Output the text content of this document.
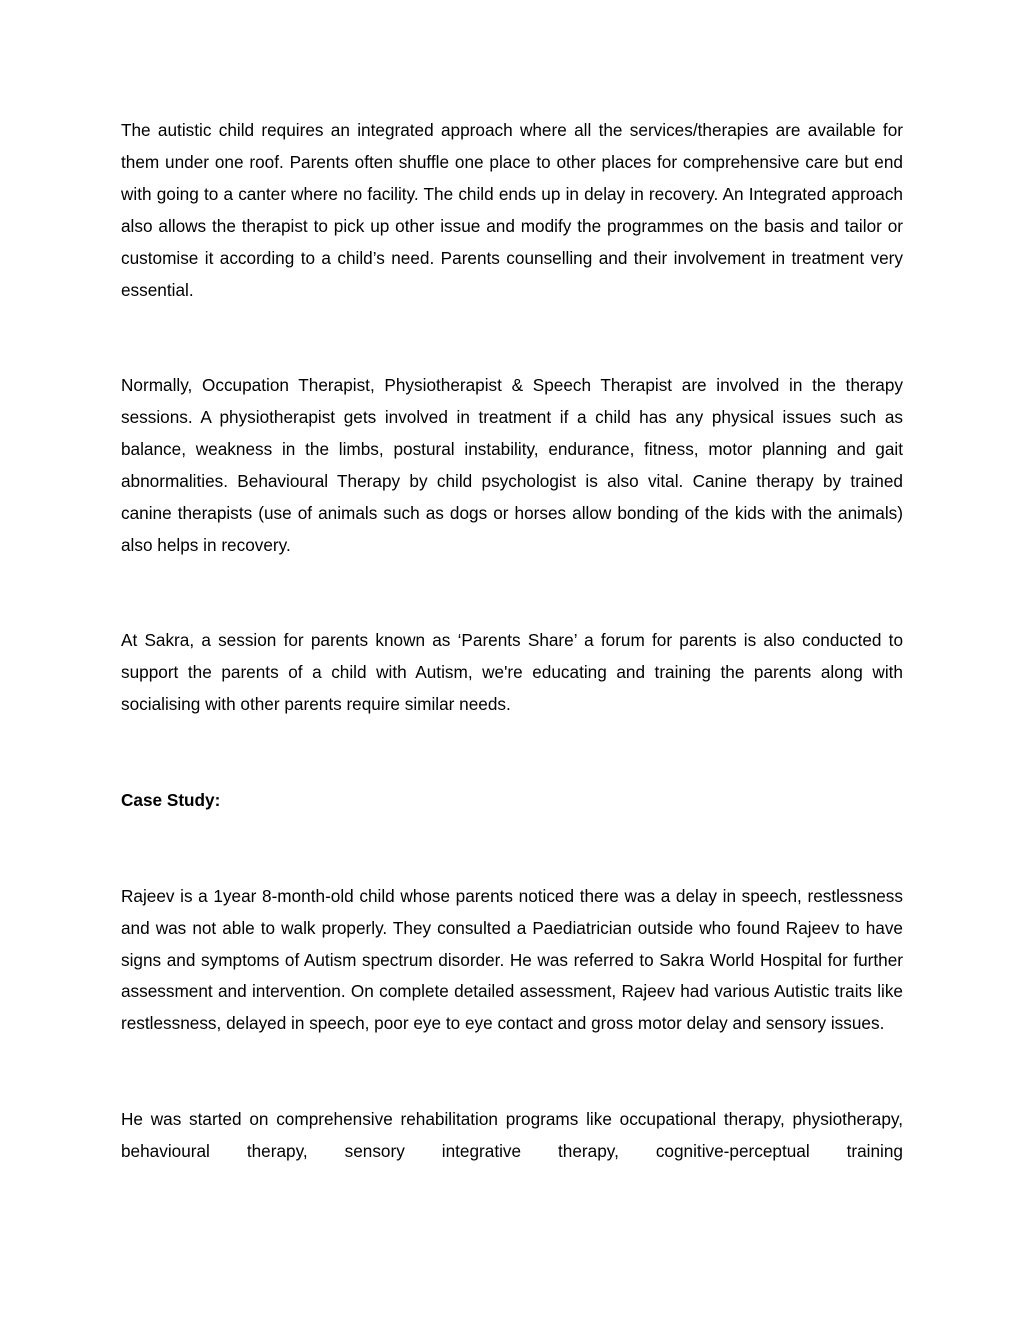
The autistic child requires an integrated approach where all the services/therapies are available for them under one roof. Parents often shuffle one place to other places for comprehensive care but end with going to a canter where no facility. The child ends up in delay in recovery. An Integrated approach also allows the therapist to pick up other issue and modify the programmes on the basis and tailor or customise it according to a child’s need. Parents counselling and their involvement in treatment very essential.

Normally, Occupation Therapist, Physiotherapist & Speech Therapist are involved in the therapy sessions. A physiotherapist gets involved in treatment if a child has any physical issues such as balance, weakness in the limbs, postural instability, endurance, fitness, motor planning and gait abnormalities. Behavioural Therapy by child psychologist is also vital. Canine therapy by trained canine therapists (use of animals such as dogs or horses allow bonding of the kids with the animals) also helps in recovery.

At Sakra, a session for parents known as ‘Parents Share’ a forum for parents is also conducted to support the parents of a child with Autism, we're educating and training the parents along with socialising with other parents require similar needs.

Case Study:

Rajeev is a 1year 8-month-old child whose parents noticed there was a delay in speech, restlessness and was not able to walk properly. They consulted a Paediatrician outside who found Rajeev to have signs and symptoms of Autism spectrum disorder. He was referred to Sakra World Hospital for further assessment and intervention. On complete detailed assessment, Rajeev had various Autistic traits like restlessness, delayed in speech, poor eye to eye contact and gross motor delay and sensory issues.

He was started on comprehensive rehabilitation programs like occupational therapy, physiotherapy, behavioural therapy, sensory integrative therapy, cognitive-perceptual training
